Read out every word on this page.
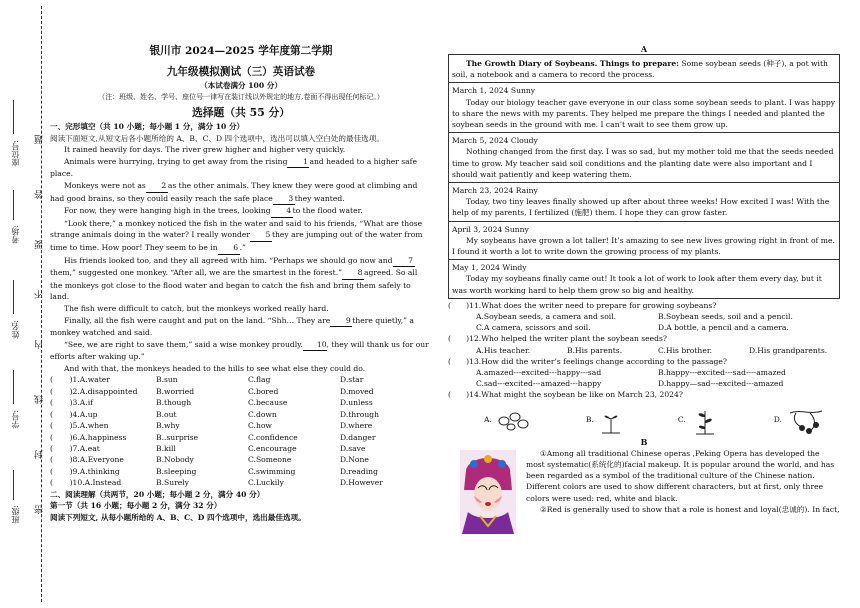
班级:
学号:
姓名:
考场:
座位号:
题
答
要
不
内
线
封
密
银川市 2024—2025 学年度第二学期
九年级模拟测试（三）英语试卷
（本试卷满分 100 分）
（注：班级、姓名、学号、座位号一律写在装订线以外规定的地方,卷面不得出现任何标记。）
选择题（共 55 分）
一、完形填空（共 10 小题；每小题 1 分，满分 10 分）
阅读下面短文,从短文后各小题所给的 A、B、C、D 四个选项中，选出可以填入空白处的最佳选项。

It rained heavily for days. The river grew higher and higher very quickly.

Animals were hurrying, trying to get away from the rising 1 and headed to a higher safe place.

Monkeys were not as 2 as the other animals. They knew they were good at climbing and had good brains, so they could easily reach the safe place 3 they wanted.

For now, they were hanging high in the trees, looking 4 to the flood water.

“Look there,” a monkey noticed the fish in the water and said to his friends, “What are those strange animals doing in the water? I really wonder 5 they are jumping out of the water from time to time. How poor! They seem to be in 6 .”

His friends looked too, and they all agreed with him. “Perhaps we should go now and 7them,” suggested one monkey. “After all, we are the smartest in the forest.” 8 agreed. So all the monkeys got close to the flood water and began to catch the fish and bring them safely to land.

The fish were difficult to catch, but the monkeys worked really hard.

Finally, all the fish were caught and put on the land. “Shh… They are 9 there quietly,” a monkey watched and said.

“See, we are right to save them,” said a wise monkey proudly. 10, they will thank us for our efforts after waking up.”

And with that, the monkeys headed to the hills to see what else they could do.

(	　)1.A.water	B.sun	C.flag	D.star
(	　)2.A.disappointed	B.worried	C.bored	D.moved
(	　)3.A.if	B.though	C.because	D.unless
(	　)4.A.up	B.out	C.down	D.through
(	　)5.A.when	B.why	C.how	D.where
(	　)6.A.happiness	B..surprise	C.confidence	D.danger
(	　)7.A.eat	B.kill	C.encourage	D.save
(	　)8.A.Everyone	B.Nobody	C.Someone	D.None
(	　)9.A.thinking	B.sleeping	C.swimming	D.reading
(	　)10.A.Instead	B.Surely	C.Luckily	D.However
二、阅读理解（共两节，20 小题；每小题 2 分，满分 40 分）
第一节（共 16 小题；每小题 2 分，满分 32 分）
阅读下列短文, 从每小题所给的 A、B、C、D 四个选项中，选出最佳选项。
A

The Growth Diary of Soybeans. Things to prepare: Some soybean seeds (种子), a pot with soil, a notebook and a camera to record the process.

March 1, 2024 Sunny

Today our biology teacher gave everyone in our class some soybean seeds to plant. I was happy to share the news with my parents. They helped me prepare the things I needed and planted the soybean seeds in the ground with me. I can’t wait to see them grow up.

March 5, 2024 Cloudy

Nothing changed from the first day. I was so sad, but my mother told me that the seeds needed time to grow. My teacher said soil conditions and the planting date were also important and I should wait patiently and keep watering them.

March 23, 2024 Rainy

Today, two tiny leaves finally showed up after about three weeks! How excited I was! With the help of my parents, I fertilized (施肥) them. I hope they can grow faster.

April 3, 2024 Sunny

My soybeans have grown a lot taller! It’s amazing to see new lives growing right in front of me. I found it worth a lot to write down the growing process of my plants.

May 1, 2024 Windy

Today my soybeans finally came out! It took a lot of work to look after them every day, but it was worth working hard to help them grow so big and healthy.

(　　)11.What does the writer need to prepare for growing soybeans?

A.Soybean seeds, a camera and soil.	B.Soybean seeds, soil and a pencil.
C.A camera, scissors and soil.	D.A bottle, a pencil and a camera.

(　　)12.Who helped the writer plant the soybean seeds?

A.His teacher.	B.His parents.	C.His brother.	D.His grandparents.

(　　)13.How did the writer’s feelings change according to the passage?

A.amazed---excited---happy---sad	B.happy---excited---sad----amazed
C.sad---excited---amazed---happy	D.happy—sad---excited---amazed

(　　)14.What might the soybean be like on March 23, 2024?

A.	B.	C.	D.
B

①Among all traditional Chinese operas ,Peking Opera has developed the most systematic(系统化的)facial makeup. It is popular around the world, and has been regarded as a symbol of the traditional culture of the Chinese nation. Different colors are used to show different characters, but at first, only three colors were used: red, white and black.

②Red is generally used to show that a role is honest and loyal(忠诚的). In fact,
